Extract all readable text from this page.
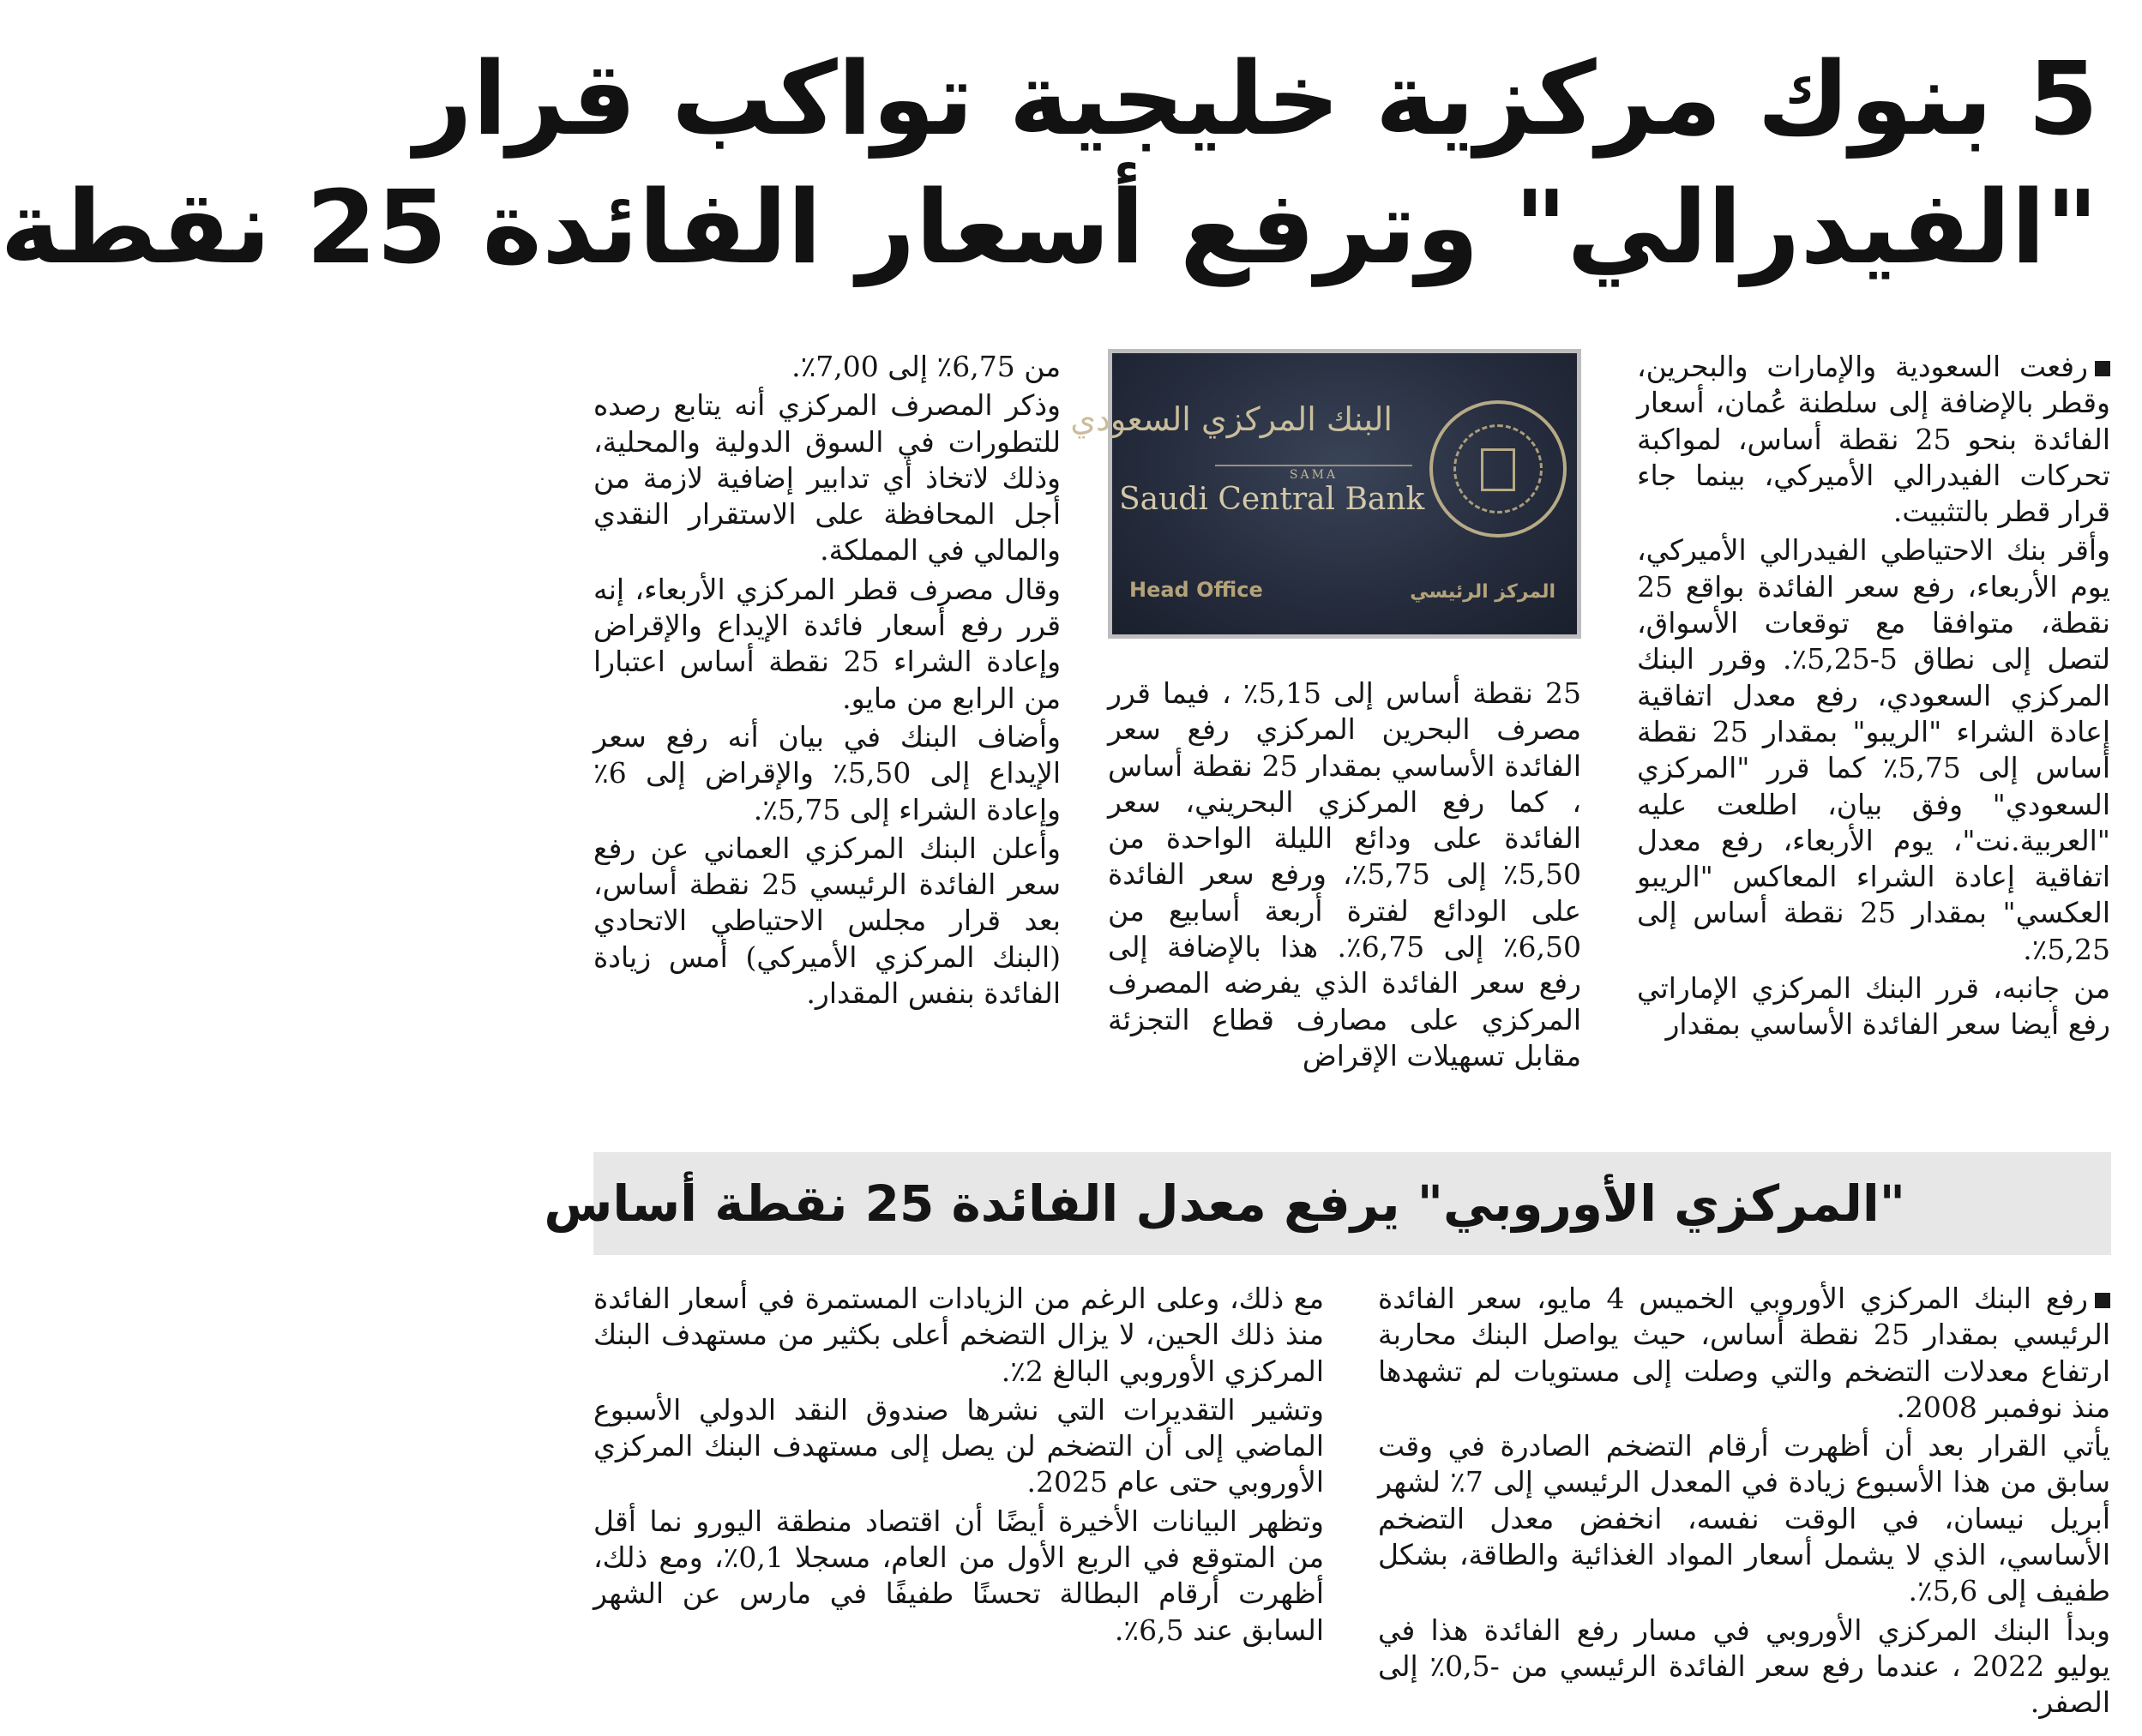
5 بنوك مركزية خليجية تواكب قرار
"الفيدرالي" وترفع أسعار الفائدة 25 نقطة

رفعت السعودية والإمارات والبحرين، وقطر بالإضافة إلى سلطنة عُمان، أسعار الفائدة بنحو 25 نقطة أساس، لمواكبة تحركات الفيدرالي الأميركي، بينما جاء قرار قطر بالتثبيت.

وأقر بنك الاحتياطي الفيدرالي الأميركي، يوم الأربعاء، رفع سعر الفائدة بواقع 25 نقطة، متوافقا مع توقعات الأسواق، لتصل إلى نطاق 5-5,25٪. وقرر البنك المركزي السعودي، رفع معدل اتفاقية إعادة الشراء "الريبو" بمقدار 25 نقطة أساس إلى 5,75٪ كما قرر "المركزي السعودي" وفق بيان، اطلعت عليه "العربية.نت"، يوم الأربعاء، رفع معدل اتفاقية إعادة الشراء المعاكس "الريبو العكسي" بمقدار 25 نقطة أساس إلى 5,25٪.

من جانبه، قرر البنك المركزي الإماراتي رفع أيضا سعر الفائدة الأساسي بمقدار

البنك المركزي السعودي
SAMA
Saudi Central Bank
Head Office	المركز الرئيسي

25 نقطة أساس إلى 5,15٪ ، فيما قرر مصرف البحرين المركزي رفع سعر الفائدة الأساسي بمقدار 25 نقطة أساس ، كما رفع المركزي البحريني، سعر الفائدة على ودائع الليلة الواحدة من 5,50٪ إلى 5,75٪، ورفع سعر الفائدة على الودائع لفترة أربعة أسابيع من 6,50٪ إلى 6,75٪. هذا بالإضافة إلى رفع سعر الفائدة الذي يفرضه المصرف المركزي على مصارف قطاع التجزئة مقابل تسهيلات الإقراض

من 6,75٪ إلى 7,00٪.

وذكر المصرف المركزي أنه يتابع رصده للتطورات في السوق الدولية والمحلية، وذلك لاتخاذ أي تدابير إضافية لازمة من أجل المحافظة على الاستقرار النقدي والمالي في المملكة.

وقال مصرف قطر المركزي الأربعاء، إنه قرر رفع أسعار فائدة الإيداع والإقراض وإعادة الشراء 25 نقطة أساس اعتبارا من الرابع من مايو.

وأضاف البنك في بيان أنه رفع سعر الإيداع إلى 5,50٪ والإقراض إلى 6٪ وإعادة الشراء إلى 5,75٪.

وأعلن البنك المركزي العماني عن رفع سعر الفائدة الرئيسي 25 نقطة أساس، بعد قرار مجلس الاحتياطي الاتحادي (البنك المركزي الأميركي) أمس زيادة الفائدة بنفس المقدار.

"المركزي الأوروبي" يرفع معدل الفائدة 25 نقطة أساس

رفع البنك المركزي الأوروبي الخميس 4 مايو، سعر الفائدة الرئيسي بمقدار 25 نقطة أساس، حيث يواصل البنك محاربة ارتفاع معدلات التضخم والتي وصلت إلى مستويات لم تشهدها منذ نوفمبر 2008.

يأتي القرار بعد أن أظهرت أرقام التضخم الصادرة في وقت سابق من هذا الأسبوع زيادة في المعدل الرئيسي إلى 7٪ لشهر أبريل نيسان، في الوقت نفسه، انخفض معدل التضخم الأساسي، الذي لا يشمل أسعار المواد الغذائية والطاقة، بشكل طفيف إلى 5,6٪.

وبدأ البنك المركزي الأوروبي في مسار رفع الفائدة هذا في يوليو 2022 ، عندما رفع سعر الفائدة الرئيسي من -0,5٪ إلى الصفر.

مع ذلك، وعلى الرغم من الزيادات المستمرة في أسعار الفائدة منذ ذلك الحين، لا يزال التضخم أعلى بكثير من مستهدف البنك المركزي الأوروبي البالغ 2٪.

وتشير التقديرات التي نشرها صندوق النقد الدولي الأسبوع الماضي إلى أن التضخم لن يصل إلى مستهدف البنك المركزي الأوروبي حتى عام 2025.

وتظهر البيانات الأخيرة أيضًا أن اقتصاد منطقة اليورو نما أقل من المتوقع في الربع الأول من العام، مسجلا 0,1٪، ومع ذلك، أظهرت أرقام البطالة تحسنًا طفيفًا في مارس عن الشهر السابق عند 6,5٪.
